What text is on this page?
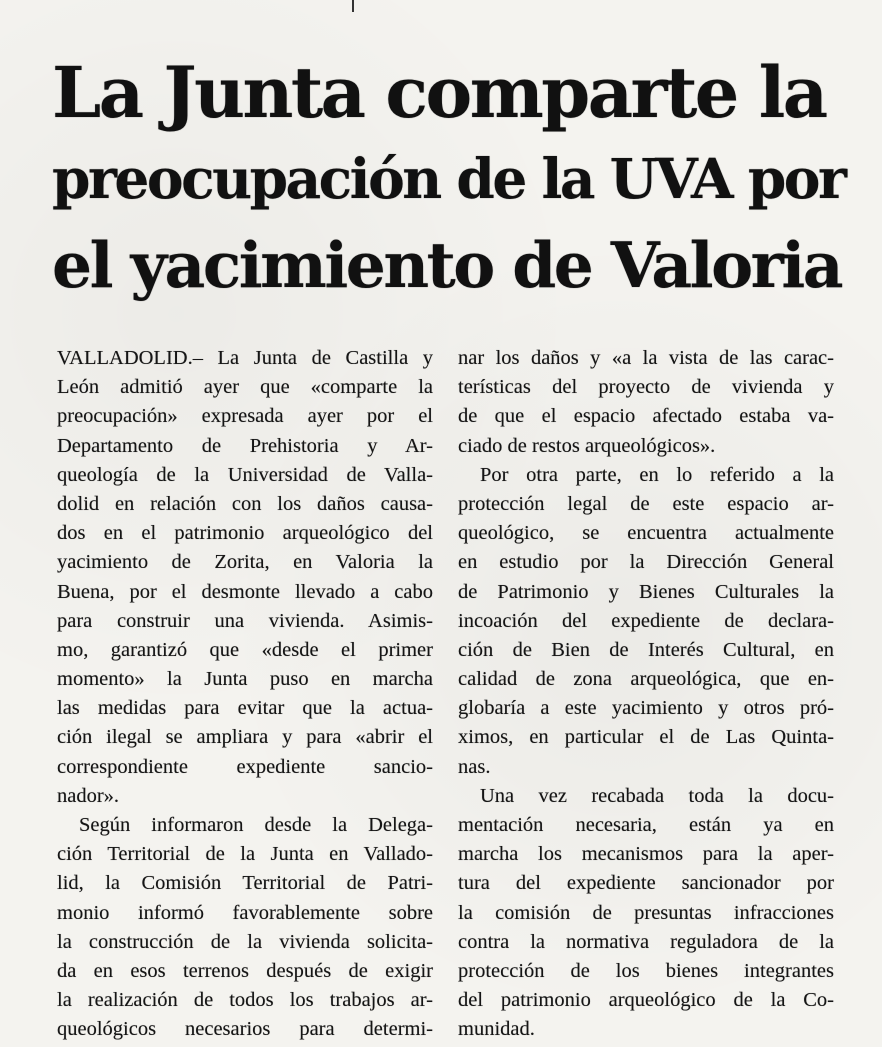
La Junta comparte la
preocupación de la UVA por
el yacimiento de Valoria
VALLADOLID.– La Junta de Castilla y
León admitió ayer que «comparte la
preocupación» expresada ayer por el
Departamento de Prehistoria y Ar-
queología de la Universidad de Valla-
dolid en relación con los daños causa-
dos en el patrimonio arqueológico del
yacimiento de Zorita, en Valoria la
Buena, por el desmonte llevado a cabo
para construir una vivienda. Asimis-
mo, garantizó que «desde el primer
momento» la Junta puso en marcha
las medidas para evitar que la actua-
ción ilegal se ampliara y para «abrir el
correspondiente expediente sancio-
nador».
Según informaron desde la Delega-
ción Territorial de la Junta en Vallado-
lid, la Comisión Territorial de Patri-
monio informó favorablemente sobre
la construcción de la vivienda solicita-
da en esos terrenos después de exigir
la realización de todos los trabajos ar-
queológicos necesarios para determi-
nar los daños y «a la vista de las carac-
terísticas del proyecto de vivienda y
de que el espacio afectado estaba va-
ciado de restos arqueológicos».
Por otra parte, en lo referido a la
protección legal de este espacio ar-
queológico, se encuentra actualmente
en estudio por la Dirección General
de Patrimonio y Bienes Culturales la
incoación del expediente de declara-
ción de Bien de Interés Cultural, en
calidad de zona arqueológica, que en-
globaría a este yacimiento y otros pró-
ximos, en particular el de Las Quinta-
nas.
Una vez recabada toda la docu-
mentación necesaria, están ya en
marcha los mecanismos para la aper-
tura del expediente sancionador por
la comisión de presuntas infracciones
contra la normativa reguladora de la
protección de los bienes integrantes
del patrimonio arqueológico de la Co-
munidad.
